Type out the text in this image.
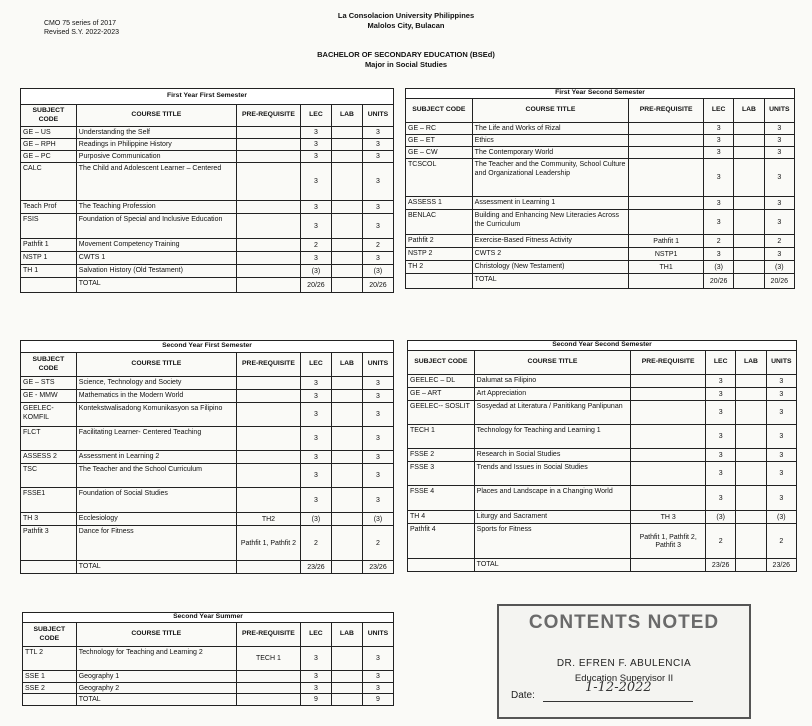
CMO 75 series of 2017
Revised S.Y. 2022-2023
La Consolacion University Philippines
Malolos City, Bulacan
BACHELOR OF SECONDARY EDUCATION (BSEd)
Major in Social Studies
First Year First Semester					
SUBJECT CODE	COURSE TITLE	PRE-REQUISITE	LEC	LAB	UNITS
GE – US	Understanding the Self		3		3
GE – RPH	Readings in Philippine History		3		3
GE – PC	Purposive Communication		3		3
CALC	The Child and Adolescent Learner – Centered		3		3
Teach Prof	The Teaching Profession		3		3
FSIS	Foundation of Special and Inclusive Education		3		3
Pathfit 1	Movement Competency Training		2		2
NSTP 1	CWTS 1		3		3
TH 1	Salvation History (Old Testament)		(3)		(3)
	TOTAL		20/26		20/26
First Year Second Semester					
SUBJECT CODE	COURSE TITLE	PRE-REQUISITE	LEC	LAB	UNITS
GE – RC	The Life and Works of Rizal		3		3
GE – ET	Ethics		3		3
GE – CW	The Contemporary World		3		3
TCSCOL	The Teacher and the Community, School Culture and Organizational Leadership		3		3
ASSESS 1	Assessment in Learning 1		3		3
BENLAC	Building and Enhancing New Literacies Across the Curriculum		3		3
Pathfit 2	Exercise-Based Fitness Activity	Pathfit 1	2		2
NSTP 2	CWTS 2	NSTP1	3		3
TH 2	Christology (New Testament)	TH1	(3)		(3)
	TOTAL		20/26		20/26
Second Year First Semester					
SUBJECT CODE	COURSE TITLE	PRE-REQUISITE	LEC	LAB	UNITS
GE – STS	Science, Technology and Society		3		3
GE - MMW	Mathematics in the Modern World		3		3
GEELEC-KOMFIL	Kontekstwalisadong Komunikasyon sa Filipino		3		3
FLCT	Facilitating Learner- Centered Teaching		3		3
ASSESS 2	Assessment in Learning 2		3		3
TSC	The Teacher and the School Curriculum		3		3
FSSE1	Foundation of Social Studies		3		3
TH 3	Ecclesiology	TH2	(3)		(3)
Pathfit 3	Dance for Fitness	Pathfit 1, Pathfit 2	2		2
	TOTAL		23/26		23/26
Second Year Second Semester					
SUBJECT CODE	COURSE TITLE	PRE-REQUISITE	LEC	LAB	UNITS
GEELEC – DL	Dalumat sa Filipino		3		3
GE – ART	Art Appreciation		3		3
GEELEC-- SOSLIT	Sosyedad at Literatura / Panitikang Panlipunan		3		3
TECH 1	Technology for Teaching and Learning 1		3		3
FSSE 2	Research in Social Studies		3		3
FSSE 3	Trends and Issues in Social Studies		3		3
FSSE 4	Places and Landscape in a Changing World		3		3
TH 4	Liturgy and Sacrament	TH 3	(3)		(3)
Pathfit 4	Sports for Fitness	Pathfit 1, Pathfit 2, Pathfit 3	2		2
	TOTAL		23/26		23/26
Second Year Summer					
SUBJECT CODE	COURSE TITLE	PRE-REQUISITE	LEC	LAB	UNITS
TTL 2	Technology for Teaching and Learning 2	TECH 1	3		3
SSE 1	Geography 1		3		3
SSE 2	Geography 2		3		3
	TOTAL		9		9
CONTENTS NOTED
DR. EFREN F. ABULENCIA
Education Supervisor II
Date:
1-12-2022
